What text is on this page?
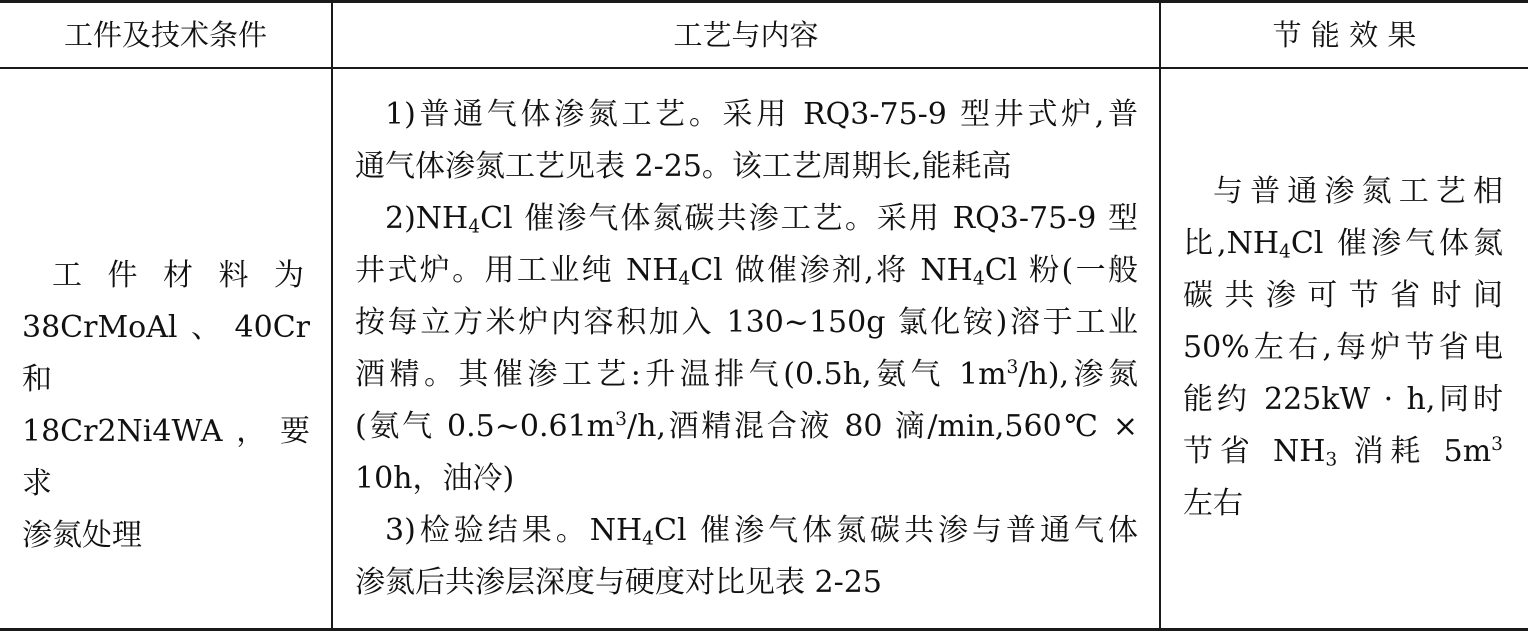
工件及技术条件	工艺与内容	节 能 效 果

工件材料为

38CrMoAl、40Cr 和

18Cr2Ni4WA，要求

渗氮处理

1)普通气体渗氮工艺。采用 RQ3-75-9 型井式炉,普

通气体渗氮工艺见表 2-25。该工艺周期长,能耗高

$2)NH_4Cl$ 催渗气体氮碳共渗工艺。采用 RQ3-75-9 型

井式炉。用工业纯 $NH_4Cl$ 做催渗剂,将 $NH_4Cl$ 粉(一般

按每立方米炉内容积加入 130~150g 氯化铵)溶于工业

酒精。其催渗工艺:升温排气(0.5h,氨气 $1m^3/h$),渗氮

(氨气 $0.5\sim 0.61m^3/h$,酒精混合液 80 滴/min,560℃ ×

10h，油冷)

3)检验结果。$NH_4Cl$ 催渗气体氮碳共渗与普通气体

渗氮后共渗层深度与硬度对比见表 2-25

与普通渗氮工艺相

比$,NH_4Cl$ 催渗气体氮

碳共渗可节省时间

50%左右,每炉节省电

能约 225kW · h,同时

节省 $NH_3$ 消耗 $5m^3$

左右
